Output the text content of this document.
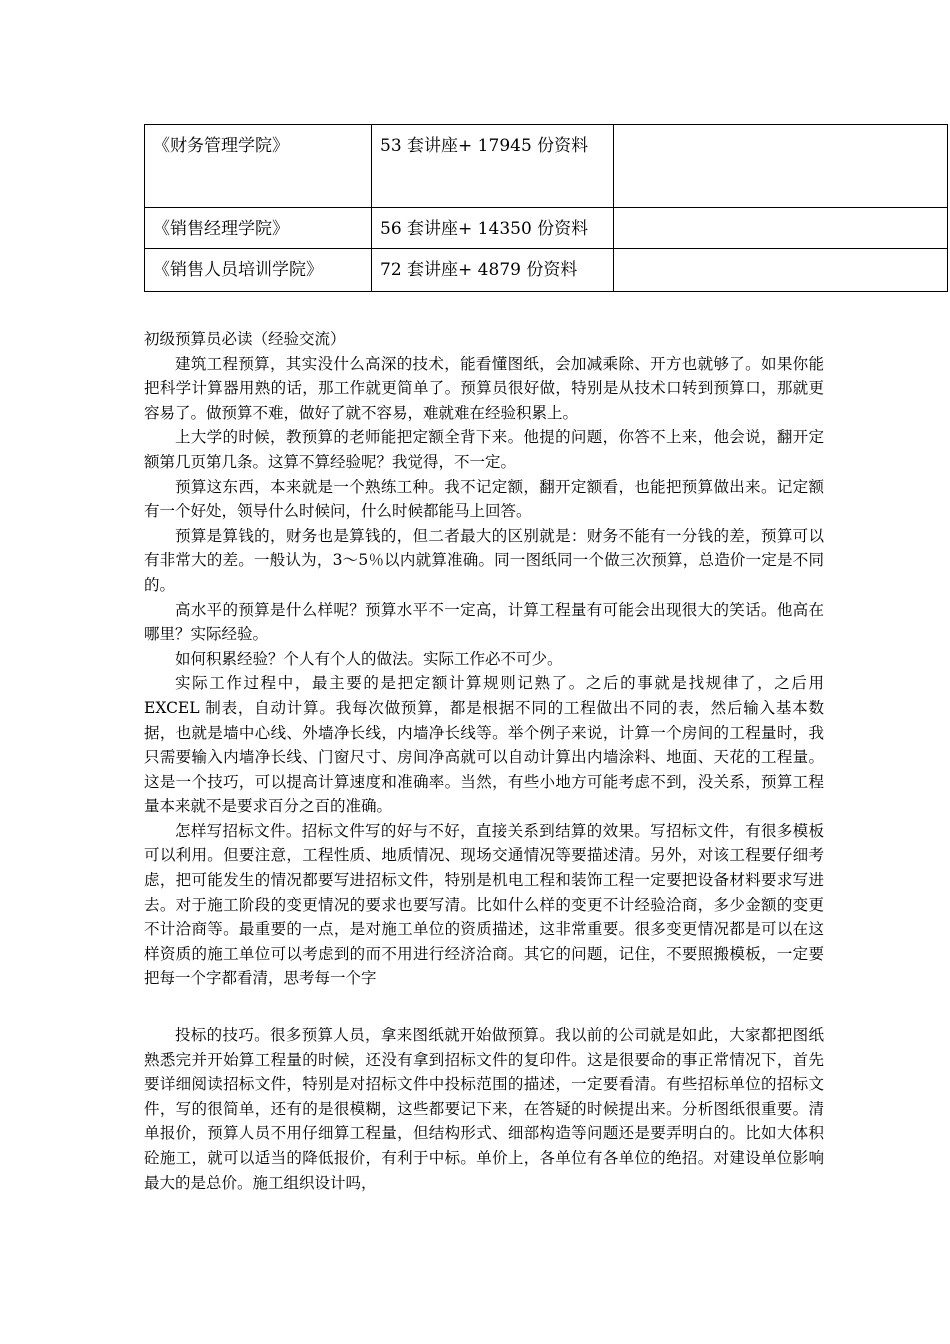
《财务管理学院》	53 套讲座+ 17945 份资料	
《销售经理学院》	56 套讲座+ 14350 份资料	
《销售人员培训学院》	72 套讲座+ 4879 份资料	

初级预算员必读（经验交流）

建筑工程预算，其实没什么高深的技术，能看懂图纸，会加减乘除、开方也就够了。如果你能把科学计算器用熟的话，那工作就更简单了。预算员很好做，特别是从技术口转到预算口，那就更容易了。做预算不难，做好了就不容易，难就难在经验积累上。

上大学的时候，教预算的老师能把定额全背下来。他提的问题，你答不上来，他会说，翻开定额第几页第几条。这算不算经验呢？我觉得，不一定。

预算这东西，本来就是一个熟练工种。我不记定额，翻开定额看，也能把预算做出来。记定额有一个好处，领导什么时候问，什么时候都能马上回答。

预算是算钱的，财务也是算钱的，但二者最大的区别就是：财务不能有一分钱的差，预算可以有非常大的差。一般认为，3～5％以内就算准确。同一图纸同一个做三次预算，总造价一定是不同的。

高水平的预算是什么样呢？预算水平不一定高，计算工程量有可能会出现很大的笑话。他高在哪里？实际经验。

如何积累经验？个人有个人的做法。实际工作必不可少。

实际工作过程中，最主要的是把定额计算规则记熟了。之后的事就是找规律了，之后用 EXCEL 制表，自动计算。我每次做预算，都是根据不同的工程做出不同的表，然后输入基本数据，也就是墙中心线、外墙净长线，内墙净长线等。举个例子来说，计算一个房间的工程量时，我只需要输入内墙净长线、门窗尺寸、房间净高就可以自动计算出内墙涂料、地面、天花的工程量。这是一个技巧，可以提高计算速度和准确率。当然，有些小地方可能考虑不到，没关系，预算工程量本来就不是要求百分之百的准确。

怎样写招标文件。招标文件写的好与不好，直接关系到结算的效果。写招标文件，有很多模板可以利用。但要注意，工程性质、地质情况、现场交通情况等要描述清。另外，对该工程要仔细考虑，把可能发生的情况都要写进招标文件，特别是机电工程和装饰工程一定要把设备材料要求写进去。对于施工阶段的变更情况的要求也要写清。比如什么样的变更不计经验洽商，多少金额的变更不计洽商等。最重要的一点，是对施工单位的资质描述，这非常重要。很多变更情况都是可以在这样资质的施工单位可以考虑到的而不用进行经济洽商。其它的问题，记住，不要照搬模板，一定要把每一个字都看清，思考每一个字

投标的技巧。很多预算人员，拿来图纸就开始做预算。我以前的公司就是如此，大家都把图纸熟悉完并开始算工程量的时候，还没有拿到招标文件的复印件。这是很要命的事正常情况下，首先要详细阅读招标文件，特别是对招标文件中投标范围的描述，一定要看清。有些招标单位的招标文件，写的很简单，还有的是很模糊，这些都要记下来，在答疑的时候提出来。分析图纸很重要。清单报价，预算人员不用仔细算工程量，但结构形式、细部构造等问题还是要弄明白的。比如大体积砼施工，就可以适当的降低报价，有利于中标。单价上，各单位有各单位的绝招。对建设单位影响最大的是总价。施工组织设计吗，
